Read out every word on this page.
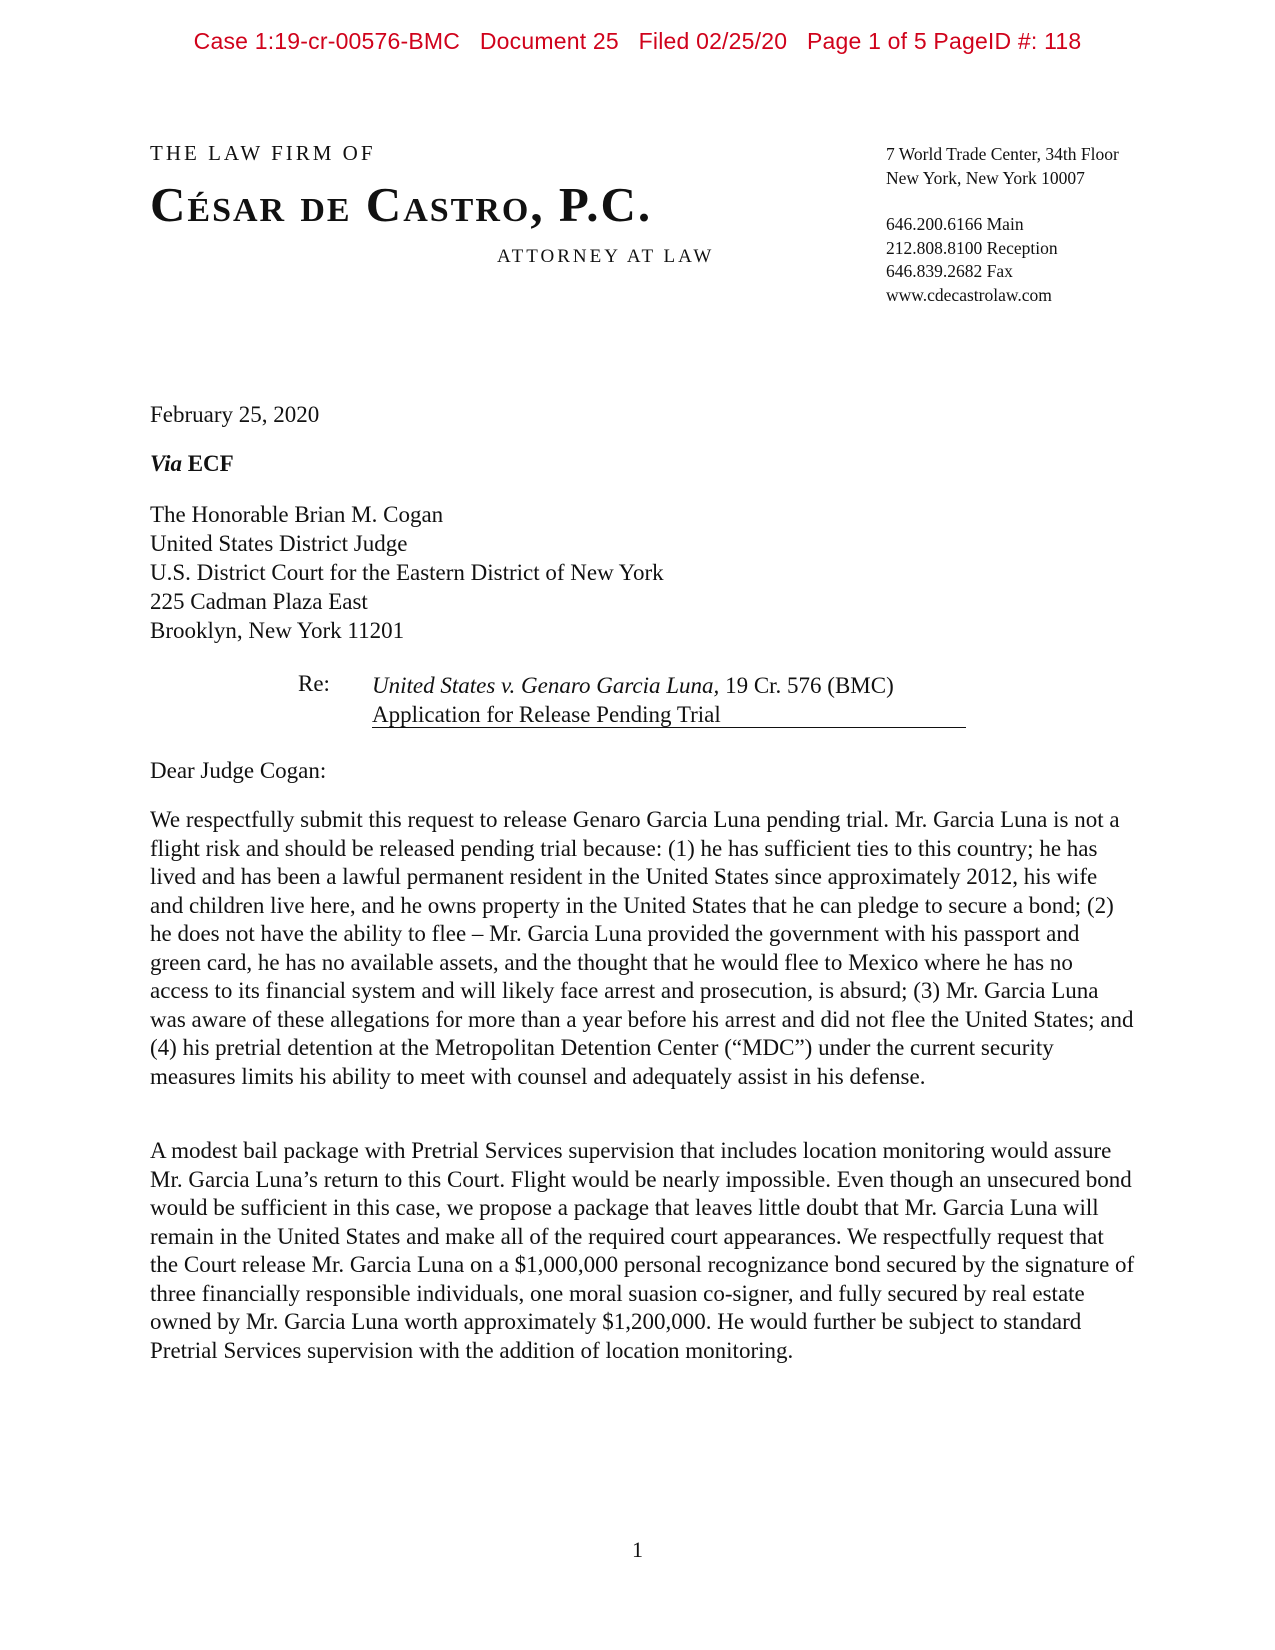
Case 1:19-cr-00576-BMC   Document 25   Filed 02/25/20   Page 1 of 5 PageID #: 118
THE LAW FIRM OF
César de Castro, P.C.
ATTORNEY AT LAW
7 World Trade Center, 34th Floor
New York, New York 10007
646.200.6166 Main
212.808.8100 Reception
646.839.2682 Fax
www.cdecastrolaw.com
February 25, 2020
Via ECF
The Honorable Brian M. Cogan
United States District Judge
U.S. District Court for the Eastern District of New York
225 Cadman Plaza East
Brooklyn, New York 11201
Re: United States v. Genaro Garcia Luna, 19 Cr. 576 (BMC)
Application for Release Pending Trial
Dear Judge Cogan:
We respectfully submit this request to release Genaro Garcia Luna pending trial. Mr. Garcia Luna is not a flight risk and should be released pending trial because: (1) he has sufficient ties to this country; he has lived and has been a lawful permanent resident in the United States since approximately 2012, his wife and children live here, and he owns property in the United States that he can pledge to secure a bond; (2) he does not have the ability to flee – Mr. Garcia Luna provided the government with his passport and green card, he has no available assets, and the thought that he would flee to Mexico where he has no access to its financial system and will likely face arrest and prosecution, is absurd; (3) Mr. Garcia Luna was aware of these allegations for more than a year before his arrest and did not flee the United States; and (4) his pretrial detention at the Metropolitan Detention Center (“MDC”) under the current security measures limits his ability to meet with counsel and adequately assist in his defense.
A modest bail package with Pretrial Services supervision that includes location monitoring would assure Mr. Garcia Luna’s return to this Court. Flight would be nearly impossible. Even though an unsecured bond would be sufficient in this case, we propose a package that leaves little doubt that Mr. Garcia Luna will remain in the United States and make all of the required court appearances. We respectfully request that the Court release Mr. Garcia Luna on a $1,000,000 personal recognizance bond secured by the signature of three financially responsible individuals, one moral suasion co-signer, and fully secured by real estate owned by Mr. Garcia Luna worth approximately $1,200,000. He would further be subject to standard Pretrial Services supervision with the addition of location monitoring.
1
